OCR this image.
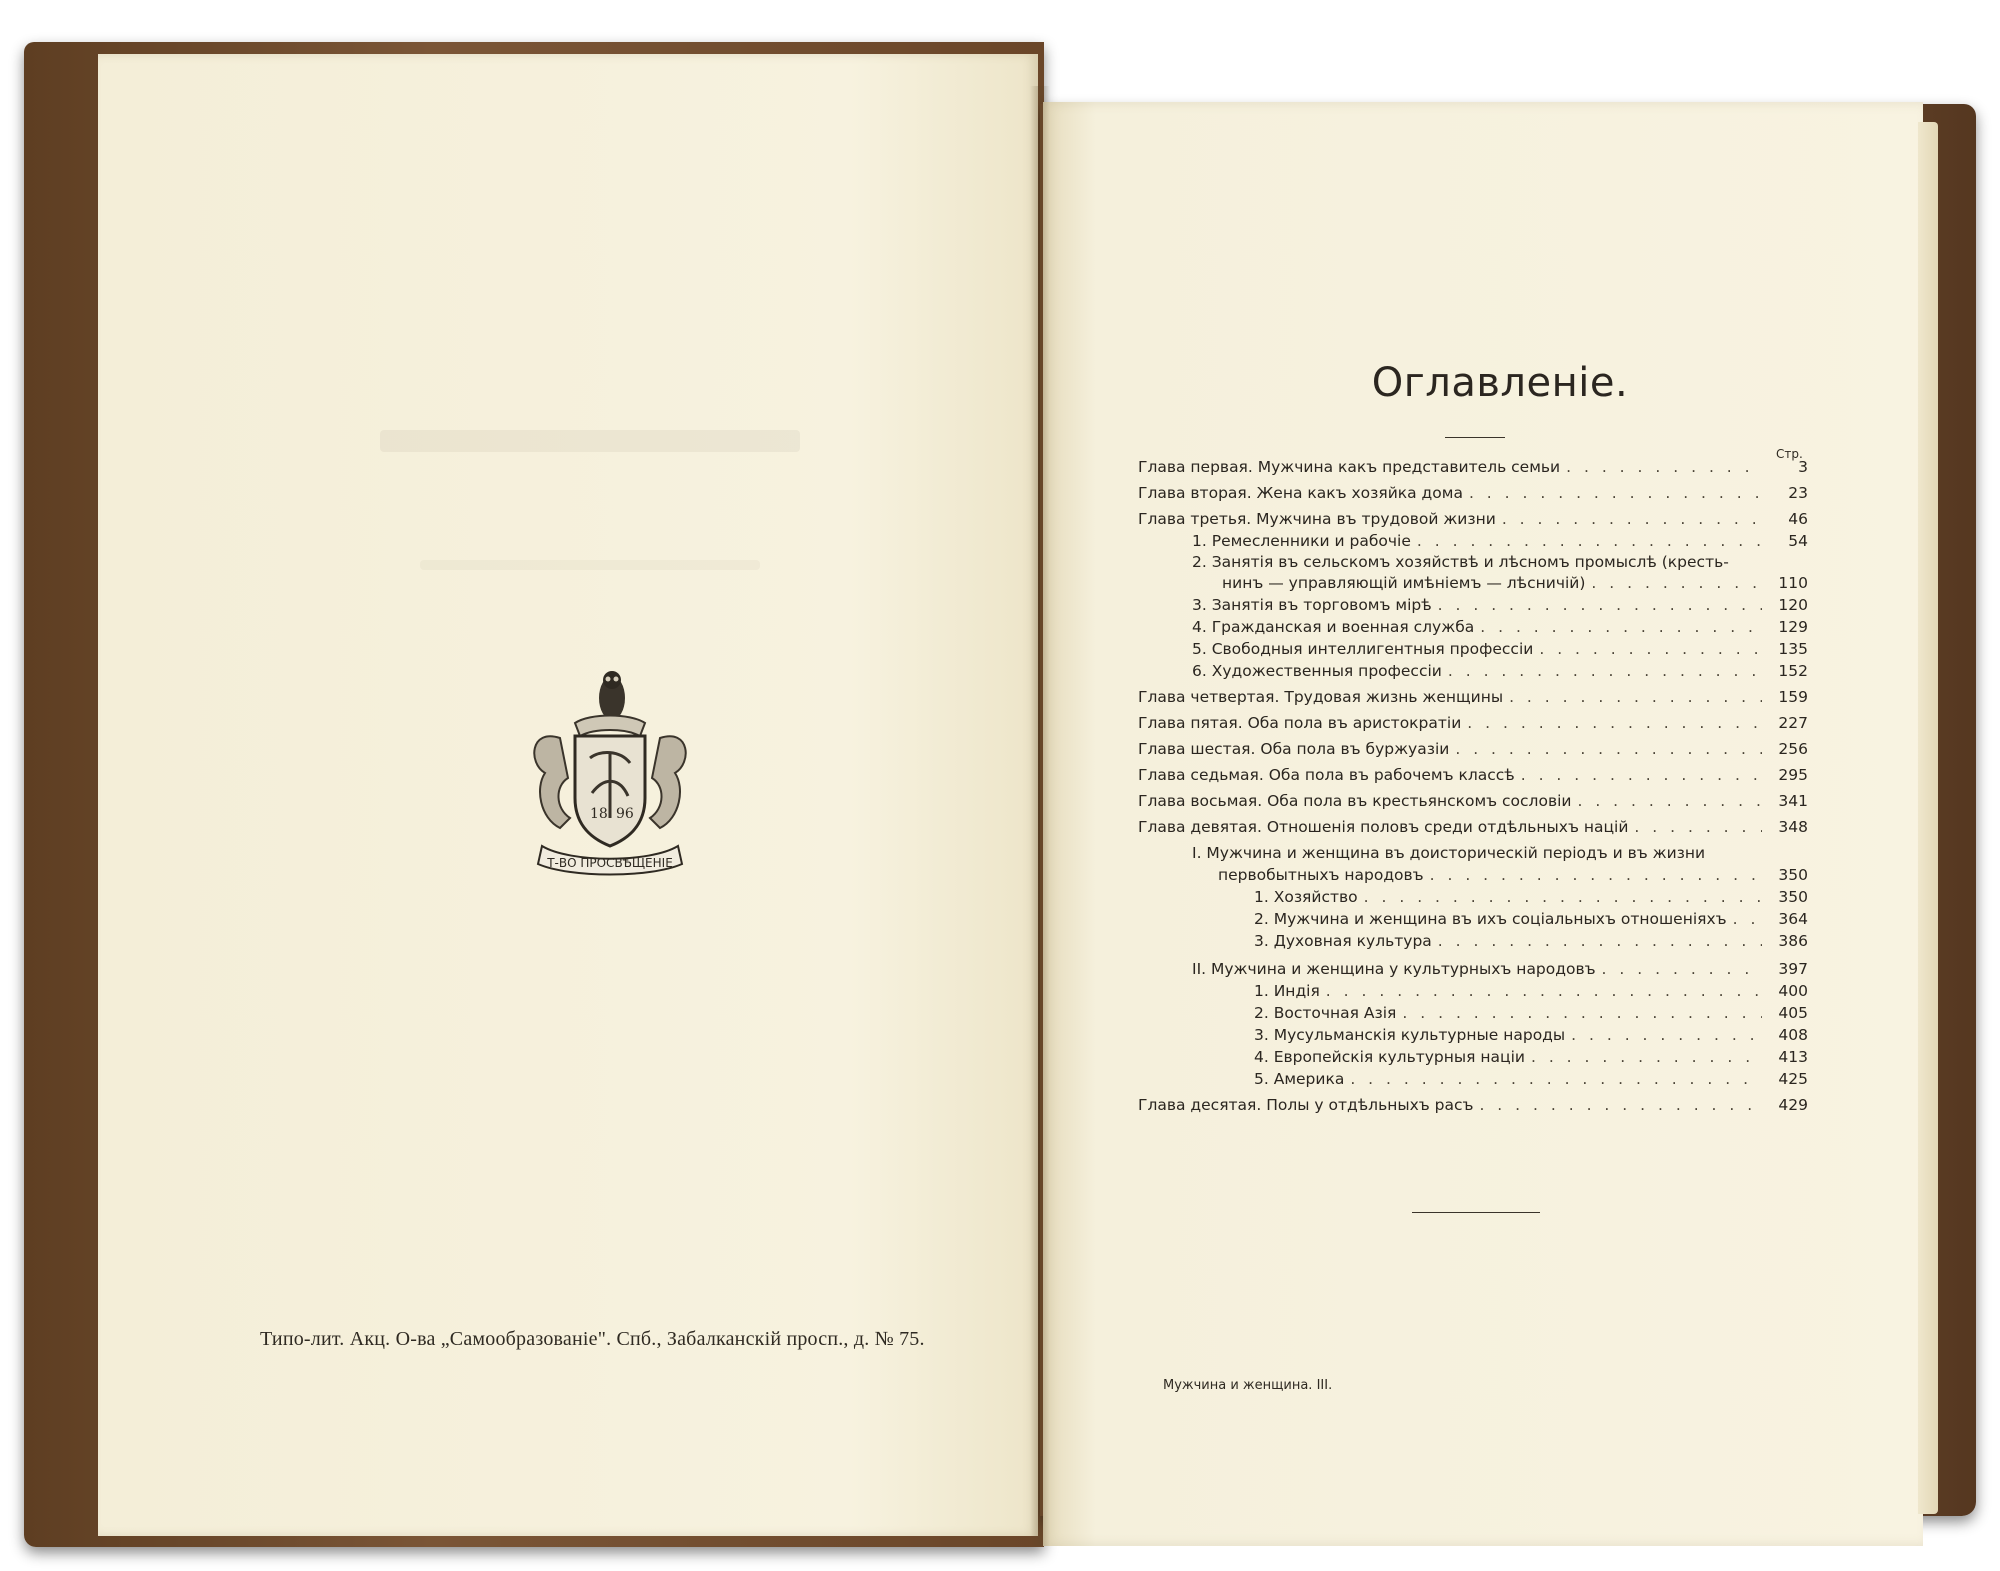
18 96
Т-ВО ПРОСВѢЩЕНІЕ
Типо-лит. Акц. О-ва „Самообразованіе". Спб., Забалканскій просп., д. № 75.
Оглавленіе.
Стр.
Глава первая. Мужчина какъ представитель семьи . . .	3
Глава вторая. Жена какъ хозяйка дома . . .	23
Глава третья. Мужчина въ трудовой жизни . . .	46
1. Ремесленники и рабочіе . . .	54
2. Занятія въ сельскомъ хозяйствѣ и лѣсномъ промыслѣ (кресть-
нинъ — управляющій имѣніемъ — лѣсничій) . . .	110
3. Занятія въ торговомъ мірѣ . . .	120
4. Гражданская и военная служба . . .	129
5. Свободныя интеллигентныя профессіи . . .	135
6. Художественныя профессіи . . .	152
Глава четвертая. Трудовая жизнь женщины . . .	159
Глава пятая. Оба пола въ аристократіи . . .	227
Глава шестая. Оба пола въ буржуазіи . . .	256
Глава седьмая. Оба пола въ рабочемъ классѣ . . .	295
Глава восьмая. Оба пола въ крестьянскомъ сословіи . . .	341
Глава девятая. Отношенія половъ среди отдѣльныхъ націй . . .	348
I. Мужчина и женщина въ доисторическій періодъ и въ жизни
первобытныхъ народовъ . . .	350
1. Хозяйство . . .	350
2. Мужчина и женщина въ ихъ соціальныхъ отношеніяхъ . . .	364
3. Духовная культура . . .	386
II. Мужчина и женщина у культурныхъ народовъ . . .	397
1. Индія . . .	400
2. Восточная Азія . . .	405
3. Мусульманскія культурные народы . . .	408
4. Европейскія культурныя націи . . .	413
5. Америка . . .	425
Глава десятая. Полы у отдѣльныхъ расъ . . .	429
Мужчина и женщина. III.
